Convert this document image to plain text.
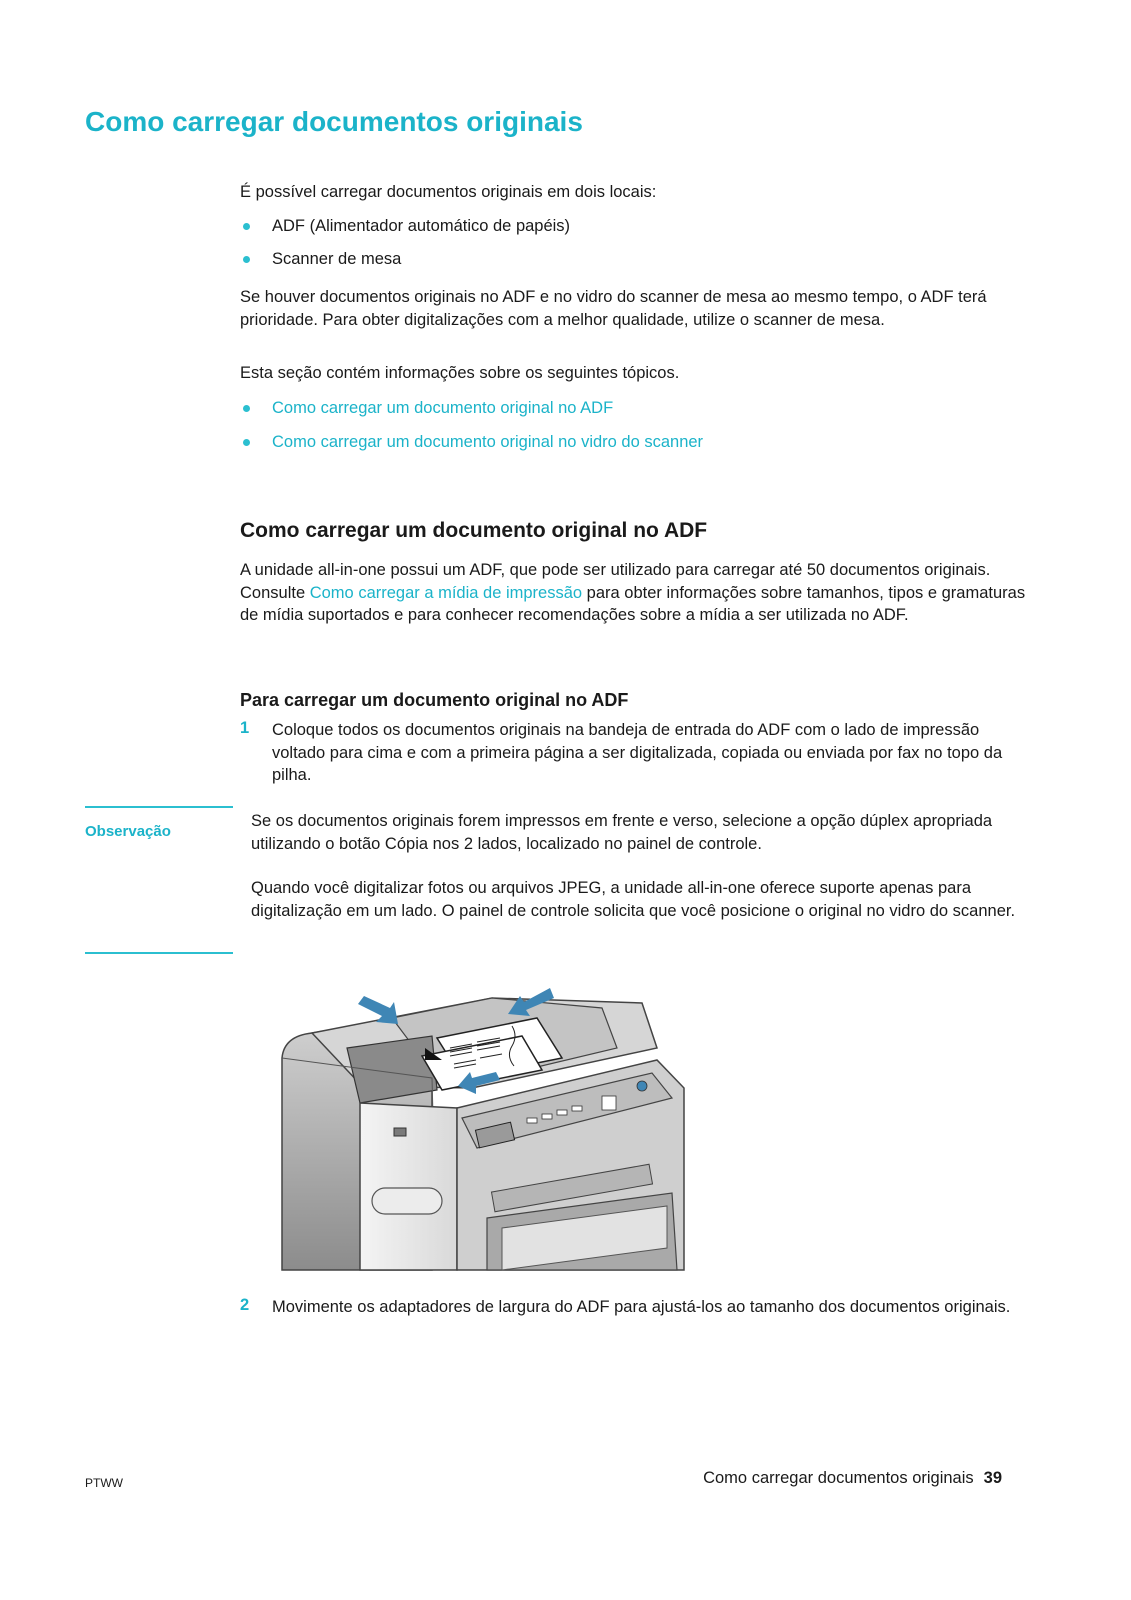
Como carregar documentos originais
É possível carregar documentos originais em dois locais:
ADF (Alimentador automático de papéis)
Scanner de mesa
Se houver documentos originais no ADF e no vidro do scanner de mesa ao mesmo tempo, o ADF terá prioridade. Para obter digitalizações com a melhor qualidade, utilize o scanner de mesa.
Esta seção contém informações sobre os seguintes tópicos.
Como carregar um documento original no ADF
Como carregar um documento original no vidro do scanner
Como carregar um documento original no ADF
A unidade all-in-one possui um ADF, que pode ser utilizado para carregar até 50 documentos originais. Consulte Como carregar a mídia de impressão para obter informações sobre tamanhos, tipos e gramaturas de mídia suportados e para conhecer recomendações sobre a mídia a ser utilizada no ADF.
Para carregar um documento original no ADF
1 Coloque todos os documentos originais na bandeja de entrada do ADF com o lado de impressão voltado para cima e com a primeira página a ser digitalizada, copiada ou enviada por fax no topo da pilha.
Observação
Se os documentos originais forem impressos em frente e verso, selecione a opção dúplex apropriada utilizando o botão Cópia nos 2 lados, localizado no painel de controle.
Quando você digitalizar fotos ou arquivos JPEG, a unidade all-in-one oferece suporte apenas para digitalização em um lado. O painel de controle solicita que você posicione o original no vidro do scanner.
2 Movimente os adaptadores de largura do ADF para ajustá-los ao tamanho dos documentos originais.
PTWW	Como carregar documentos originais 39
